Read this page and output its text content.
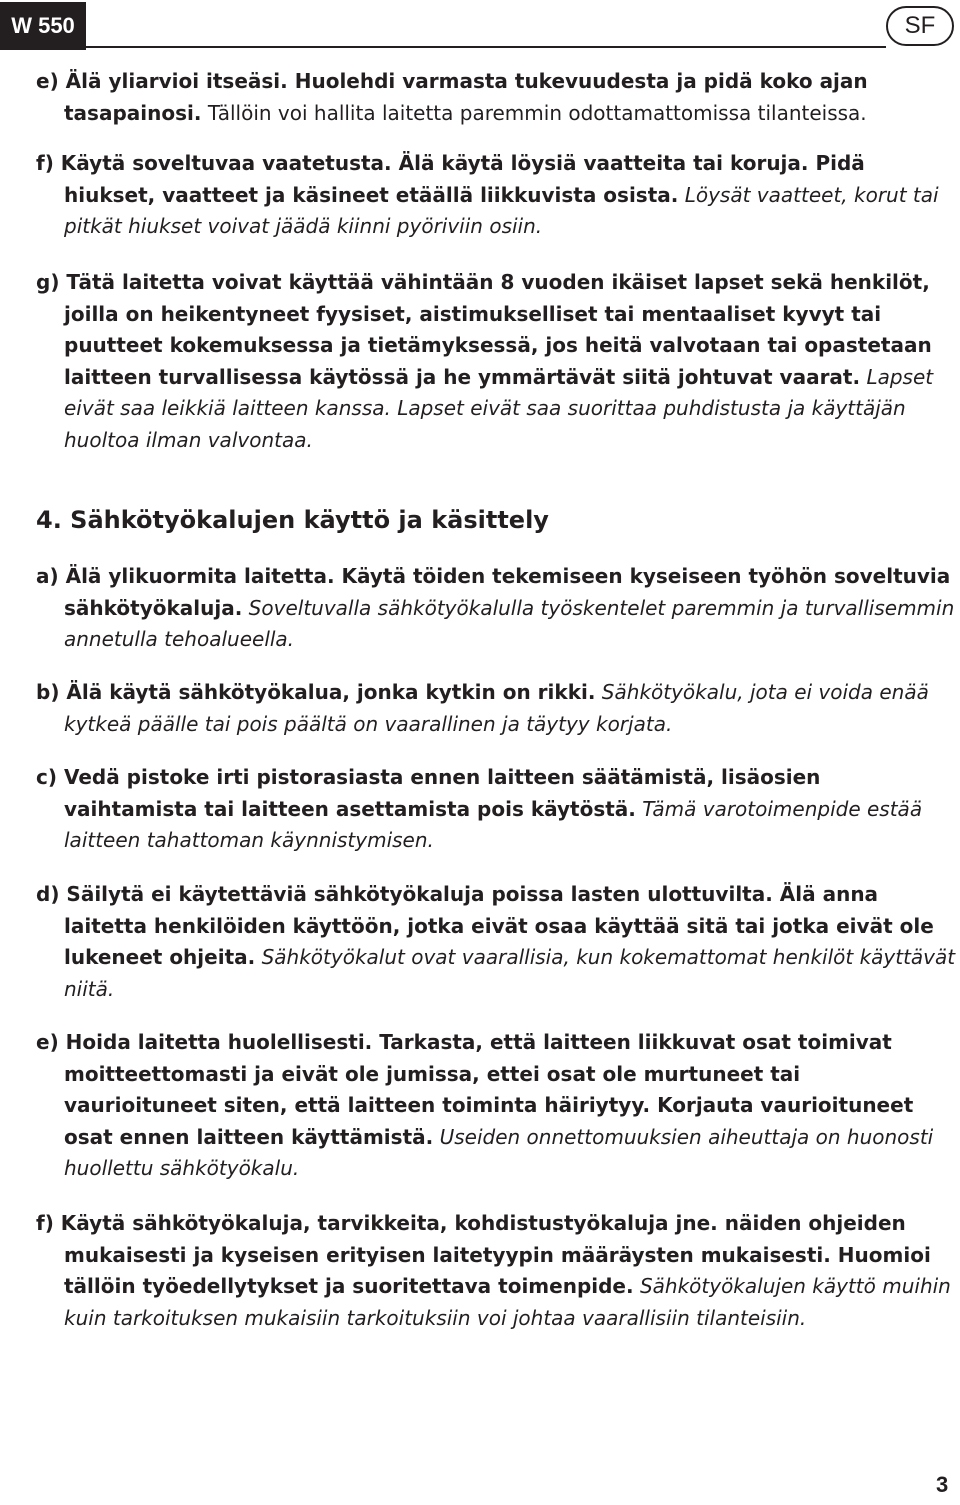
W 550	SF

e) Älä yliarvioi itseäsi. Huolehdi varmasta tukevuudesta ja pidä koko ajan tasapainosi. Tällöin voi hallita laitetta paremmin odottamattomissa tilanteissa.

f) Käytä soveltuvaa vaatetusta. Älä käytä löysiä vaatteita tai koruja. Pidä hiukset, vaatteet ja käsineet etäällä liikkuvista osista. Löysät vaatteet, korut tai pitkät hiukset voivat jäädä kiinni pyöriviin osiin.

g) Tätä laitetta voivat käyttää vähintään 8 vuoden ikäiset lapset sekä henkilöt, joilla on heikentyneet fyysiset, aistimukselliset tai mentaaliset kyvyt tai puutteet kokemuksessa ja tietämyksessä, jos heitä valvotaan tai opastetaan laitteen turvallisessa käytössä ja he ymmärtävät siitä johtuvat vaarat. Lapset eivät saa leikkiä laitteen kanssa. Lapset eivät saa suorittaa puhdistusta ja käyttäjän huoltoa ilman valvontaa.

4. Sähkötyökalujen käyttö ja käsittely

a) Älä ylikuormita laitetta. Käytä töiden tekemiseen kyseiseen työhön soveltuvia sähkötyökaluja. Soveltuvalla sähkötyökalulla työskentelet paremmin ja turvallisemmin annetulla tehoalueella.

b) Älä käytä sähkötyökalua, jonka kytkin on rikki. Sähkötyökalu, jota ei voida enää kytkeä päälle tai pois päältä on vaarallinen ja täytyy korjata.

c) Vedä pistoke irti pistorasiasta ennen laitteen säätämistä, lisäosien vaihtamista tai laitteen asettamista pois käytöstä. Tämä varotoimenpide estää laitteen tahattoman käynnistymisen.

d) Säilytä ei käytettäviä sähkötyökaluja poissa lasten ulottuvilta. Älä anna laitetta henkilöiden käyttöön, jotka eivät osaa käyttää sitä tai jotka eivät ole lukeneet ohjeita. Sähkötyökalut ovat vaarallisia, kun kokemattomat henkilöt käyttävät niitä.

e) Hoida laitetta huolellisesti. Tarkasta, että laitteen liikkuvat osat toimivat moitteettomasti ja eivät ole jumissa, ettei osat ole murtuneet tai vaurioituneet siten, että laitteen toiminta häiriytyy. Korjauta vaurioituneet osat ennen laitteen käyttämistä. Useiden onnettomuuksien aiheuttaja on huonosti huollettu sähkötyökalu.

f) Käytä sähkötyökaluja, tarvikkeita, kohdistustyökaluja jne. näiden ohjeiden mukaisesti ja kyseisen erityisen laitetyypin määräysten mukaisesti. Huomioi tällöin työedellytykset ja suoritettava toimenpide. Sähkötyökalujen käyttö muihin kuin tarkoituksen mukaisiin tarkoituksiin voi johtaa vaarallisiin tilanteisiin.

3
